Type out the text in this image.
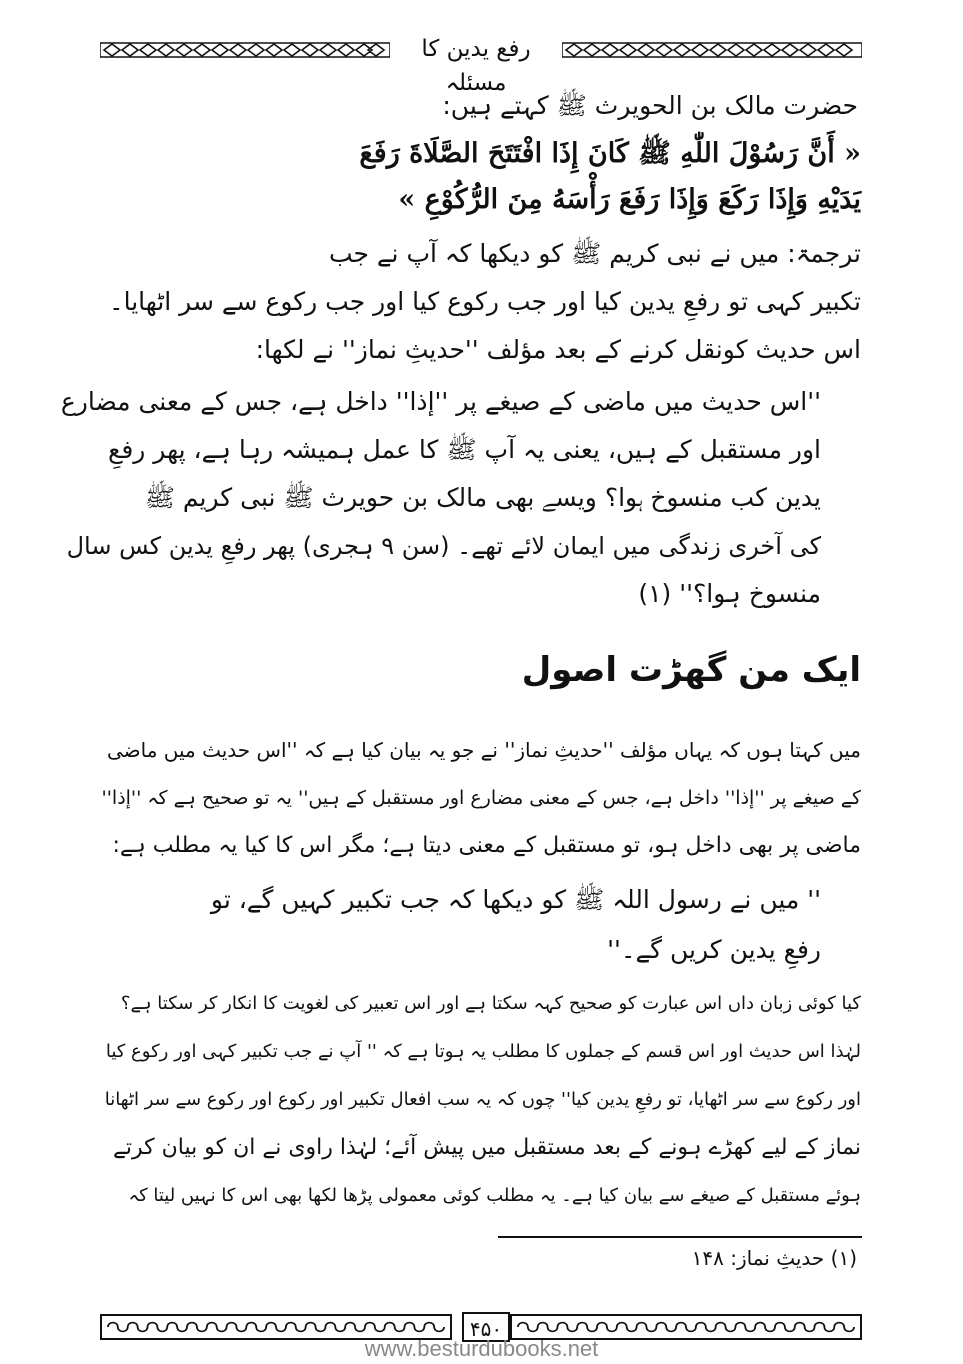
رفع یدین کا مسئلہ
حضرت مالک بن الحویرث ﷺ کہتے ہیں:
« أَنَّ رَسُوْلَ اللّٰهِ ﷺ كَانَ إِذَا افْتَتَحَ الصَّلَاةَ رَفَعَ
يَدَيْهِ وَإِذَا رَكَعَ وَإِذَا رَفَعَ رَأْسَهُ مِنَ الرُّكُوْعِ »
ترجمۃ: میں نے نبی کریم ﷺ کو دیکھا کہ آپ نے جب
تکبیر کہی تو رفعِ یدین کیا اور جب رکوع کیا اور جب رکوع سے سر اٹھایا۔
اس حدیث کونقل کرنے کے بعد مؤلف ''حدیثِ نماز'' نے لکھا:
''اس حدیث میں ماضی کے صیغے پر ''إذا'' داخل ہے، جس کے معنی مضارع
اور مستقبل کے ہیں، یعنی یہ آپ ﷺ کا عمل ہمیشہ رہا ہے، پھر رفعِ
یدین کب منسوخ ہوا؟ ویسے بھی مالک بن حویرث ﷺ نبی کریم ﷺ
کی آخری زندگی میں ایمان لائے تھے۔ (سن ۹ ہجری) پھر رفعِ یدین کس سال
منسوخ ہوا؟'' (۱)
ایک من گھڑت اصول
میں کہتا ہوں کہ یہاں مؤلف ''حدیثِ نماز'' نے جو یہ بیان کیا ہے کہ ''اس حدیث میں ماضی
کے صیغے پر ''إذا'' داخل ہے، جس کے معنی مضارع اور مستقبل کے ہیں'' یہ تو صحیح ہے کہ ''إذا''
ماضی پر بھی داخل ہو، تو مستقبل کے معنی دیتا ہے؛ مگر اس کا کیا یہ مطلب ہے:
'' میں نے رسول اللہ ﷺ کو دیکھا کہ جب تکبیر کہیں گے، تو
رفعِ یدین کریں گے۔''
کیا کوئی زبان داں اس عبارت کو صحیح کہہ سکتا ہے اور اس تعبیر کی لغویت کا انکار کر سکتا ہے؟
لہٰذا اس حدیث اور اس قسم کے جملوں کا مطلب یہ ہوتا ہے کہ '' آپ نے جب تکبیر کہی اور رکوع کیا
اور رکوع سے سر اٹھایا، تو رفعِ یدین کیا'' چوں کہ یہ سب افعال تکبیر اور رکوع اور رکوع سے سر اٹھانا
نماز کے لیے کھڑے ہونے کے بعد مستقبل میں پیش آئے؛ لہٰذا راوی نے ان کو بیان کرتے
ہوئے مستقبل کے صیغے سے بیان کیا ہے۔ یہ مطلب کوئی معمولی پڑھا لکھا بھی اس کا نہیں لیتا کہ
(۱) حدیثِ نماز: ۱۴۸
۴۵۰
www.besturdubooks.net
